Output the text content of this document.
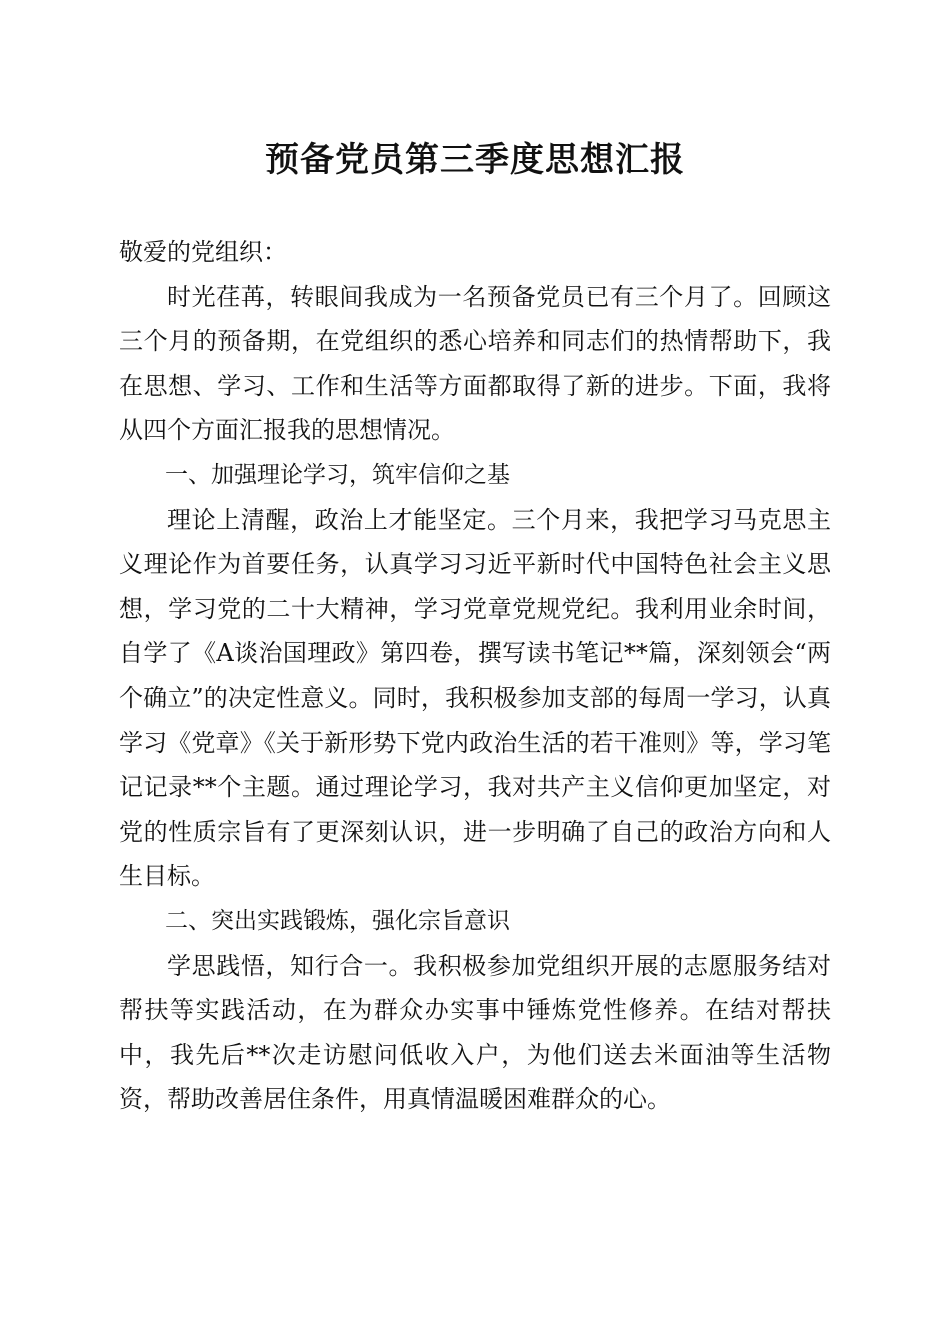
预备党员第三季度思想汇报

敬爱的党组织：

时光荏苒，转眼间我成为一名预备党员已有三个月了。回顾这三个月的预备期，在党组织的悉心培养和同志们的热情帮助下，我在思想、学习、工作和生活等方面都取得了新的进步。下面，我将从四个方面汇报我的思想情况。

一、加强理论学习，筑牢信仰之基

理论上清醒，政治上才能坚定。三个月来，我把学习马克思主义理论作为首要任务，认真学习习近平新时代中国特色社会主义思想，学习党的二十大精神，学习党章党规党纪。我利用业余时间，自学了《A谈治国理政》第四卷，撰写读书笔记**篇，深刻领会“两个确立”的决定性意义。同时，我积极参加支部的每周一学习，认真学习《党章》《关于新形势下党内政治生活的若干准则》等，学习笔记记录**个主题。通过理论学习，我对共产主义信仰更加坚定，对党的性质宗旨有了更深刻认识，进一步明确了自己的政治方向和人生目标。

二、突出实践锻炼，强化宗旨意识

学思践悟，知行合一。我积极参加党组织开展的志愿服务结对帮扶等实践活动，在为群众办实事中锤炼党性修养。在结对帮扶中，我先后**次走访慰问低收入户，为他们送去米面油等生活物资，帮助改善居住条件，用真情温暖困难群众的心。
